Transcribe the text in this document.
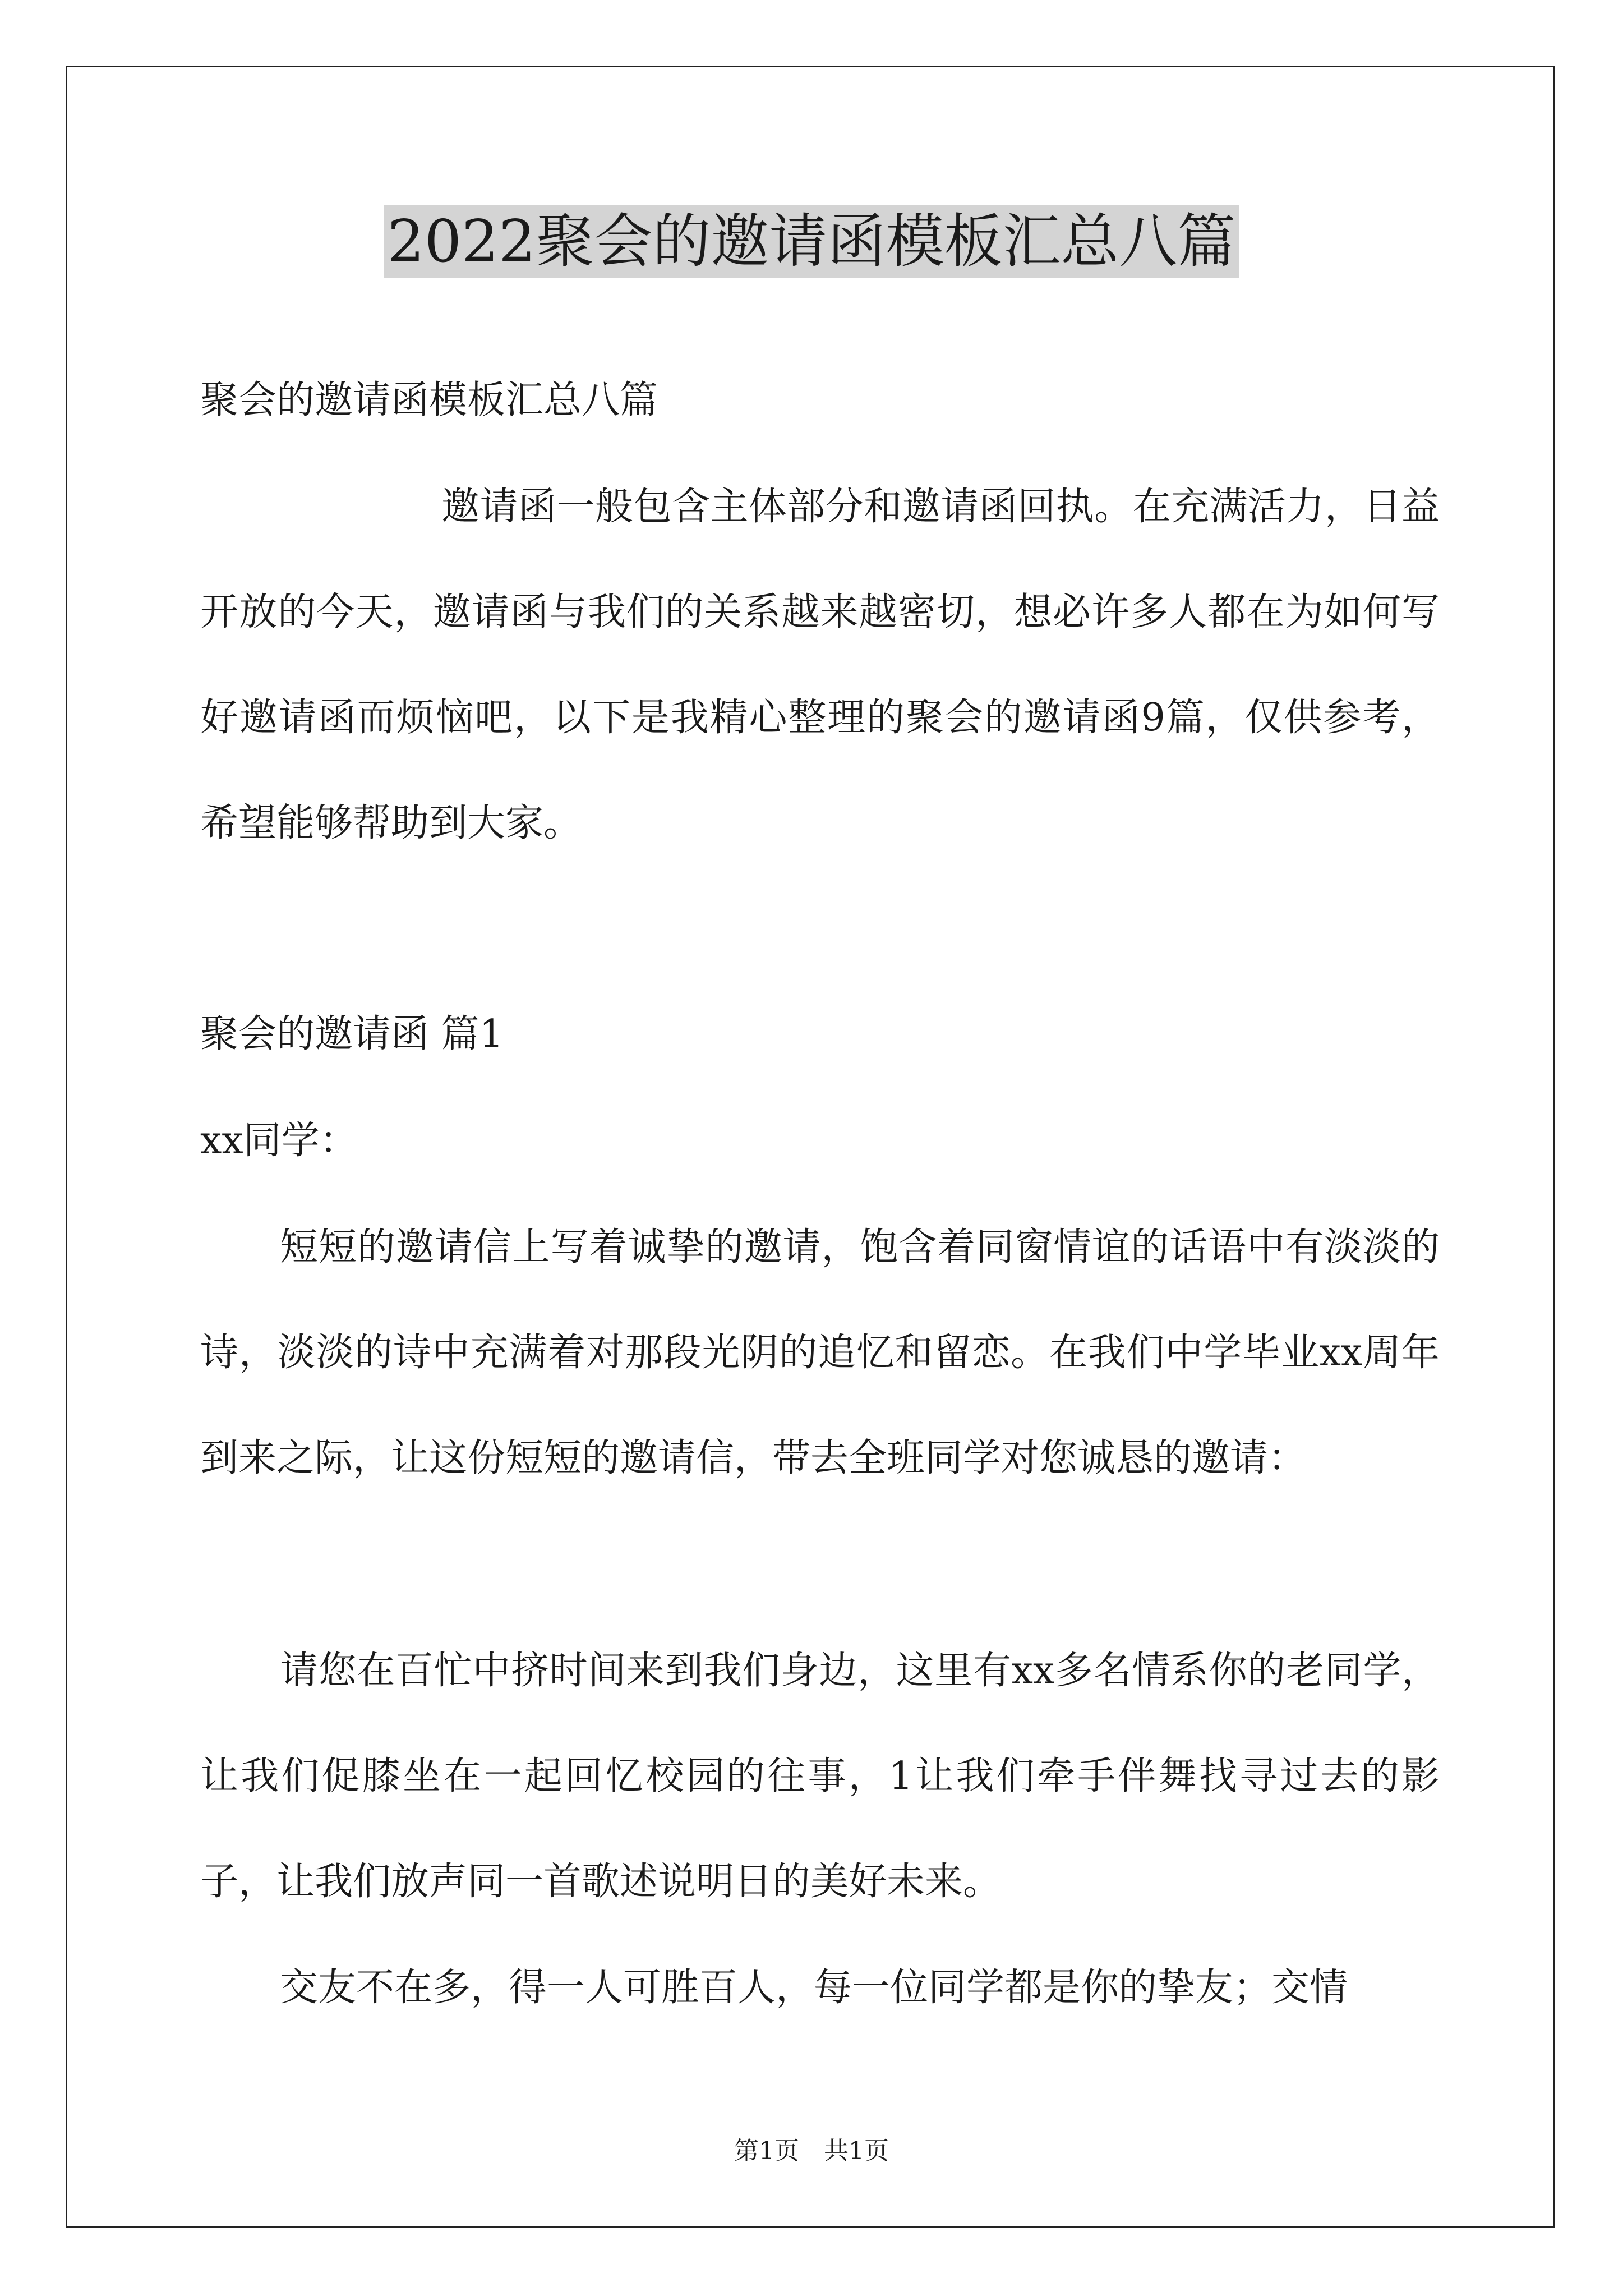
2022聚会的邀请函模板汇总八篇

聚会的邀请函模板汇总八篇

邀请函一般包含主体部分和邀请函回执。在充满活力，日益开放的今天，邀请函与我们的关系越来越密切，想必许多人都在为如何写好邀请函而烦恼吧，以下是我精心整理的聚会的邀请函9篇，仅供参考，希望能够帮助到大家。

聚会的邀请函 篇1

xx同学：

短短的邀请信上写着诚挚的邀请，饱含着同窗情谊的话语中有淡淡的诗，淡淡的诗中充满着对那段光阴的追忆和留恋。在我们中学毕业xx周年到来之际，让这份短短的邀请信，带去全班同学对您诚恳的邀请：

请您在百忙中挤时间来到我们身边，这里有xx多名情系你的老同学，让我们促膝坐在一起回忆校园的往事，1让我们牵手伴舞找寻过去的影子，让我们放声同一首歌述说明日的美好未来。

交友不在多，得一人可胜百人，每一位同学都是你的挚友；交情

第1页 共1页
